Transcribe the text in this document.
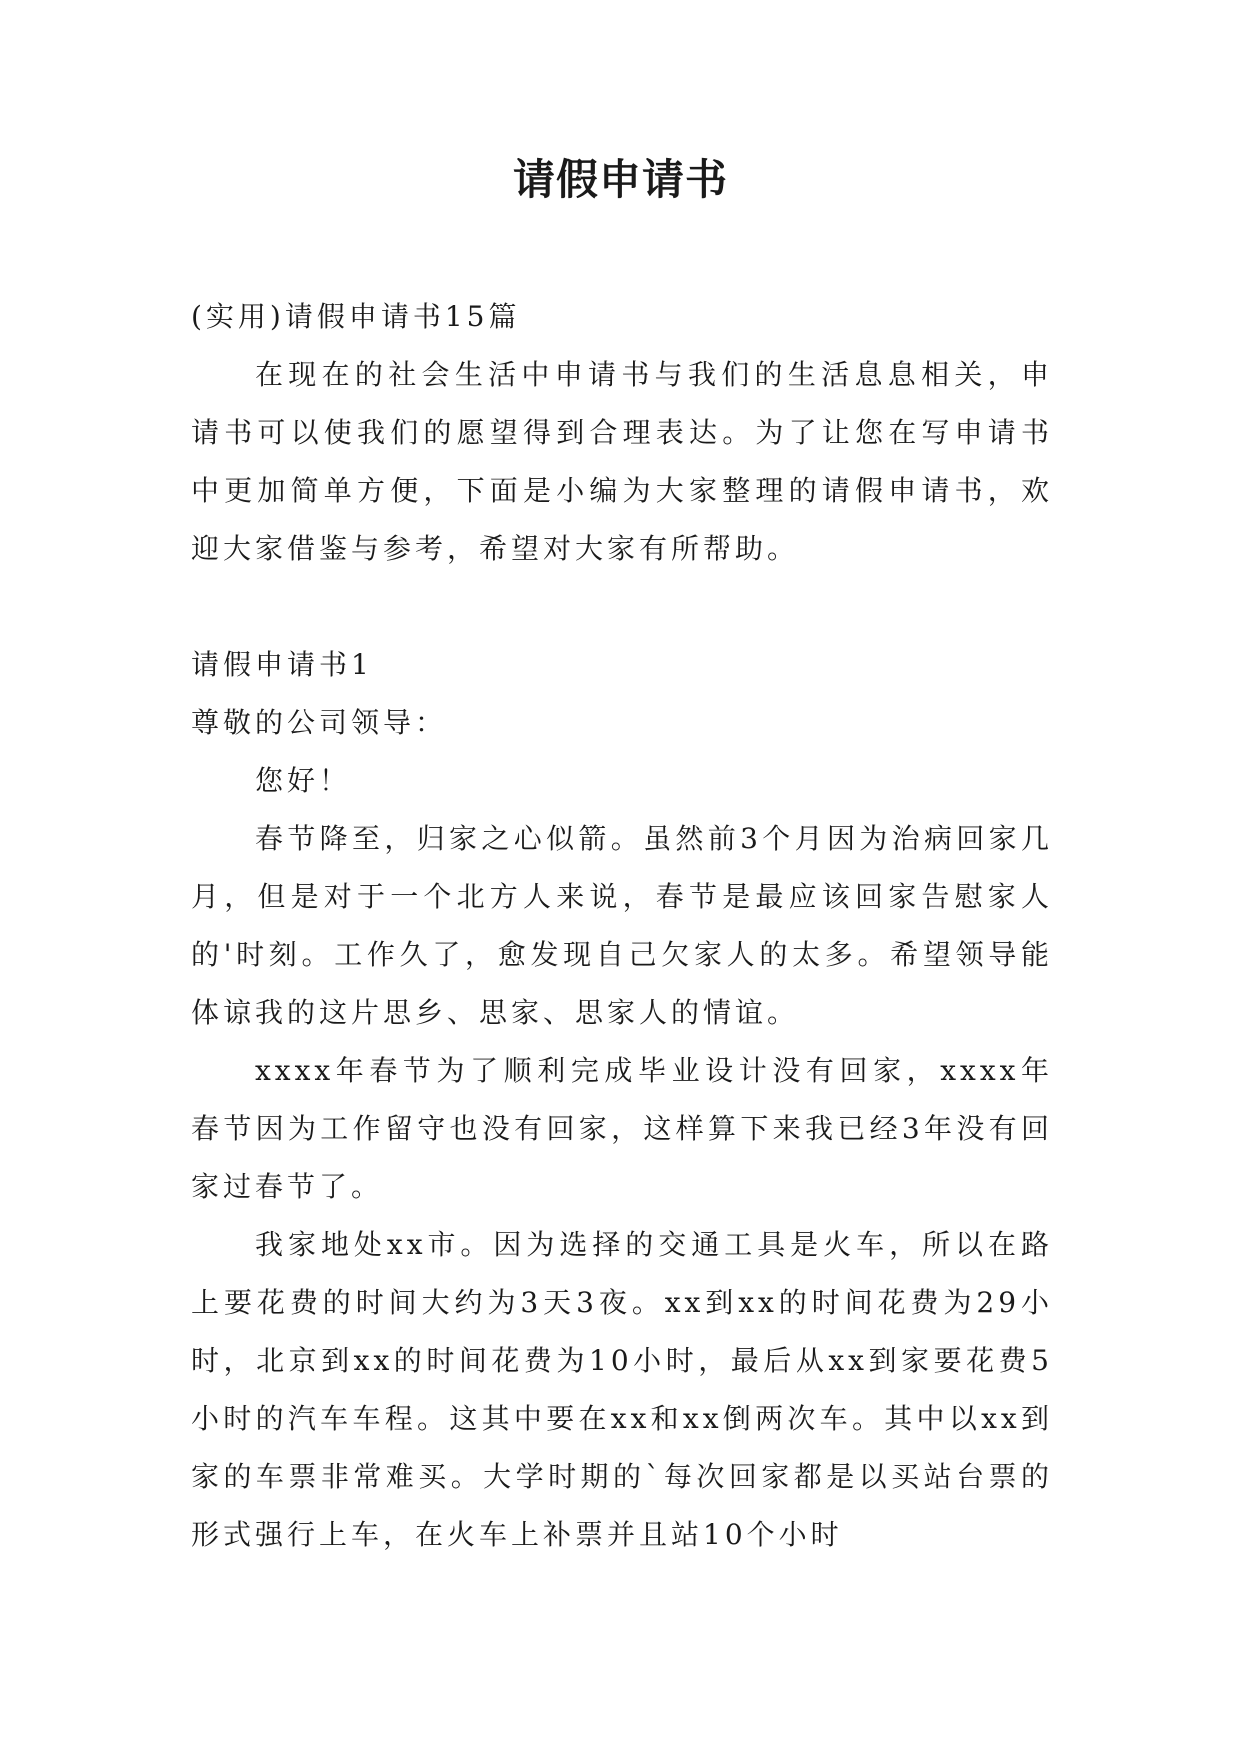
请假申请书

(实用)请假申请书15篇

在现在的社会生活中申请书与我们的生活息息相关，申请书可以使我们的愿望得到合理表达。为了让您在写申请书中更加简单方便，下面是小编为大家整理的请假申请书，欢迎大家借鉴与参考，希望对大家有所帮助。

请假申请书1

尊敬的公司领导：

您好！

春节降至，归家之心似箭。虽然前3个月因为治病回家几月，但是对于一个北方人来说，春节是最应该回家告慰家人的'时刻。工作久了，愈发现自己欠家人的太多。希望领导能体谅我的这片思乡、思家、思家人的情谊。

xxxx年春节为了顺利完成毕业设计没有回家，xxxx年春节因为工作留守也没有回家，这样算下来我已经3年没有回家过春节了。

我家地处xx市。因为选择的交通工具是火车，所以在路上要花费的时间大约为3天3夜。xx到xx的时间花费为29小时，北京到xx的时间花费为10小时，最后从xx到家要花费5小时的汽车车程。这其中要在xx和xx倒两次车。其中以xx到家的车票非常难买。大学时期的`每次回家都是以买站台票的形式强行上车，在火车上补票并且站10个小时
